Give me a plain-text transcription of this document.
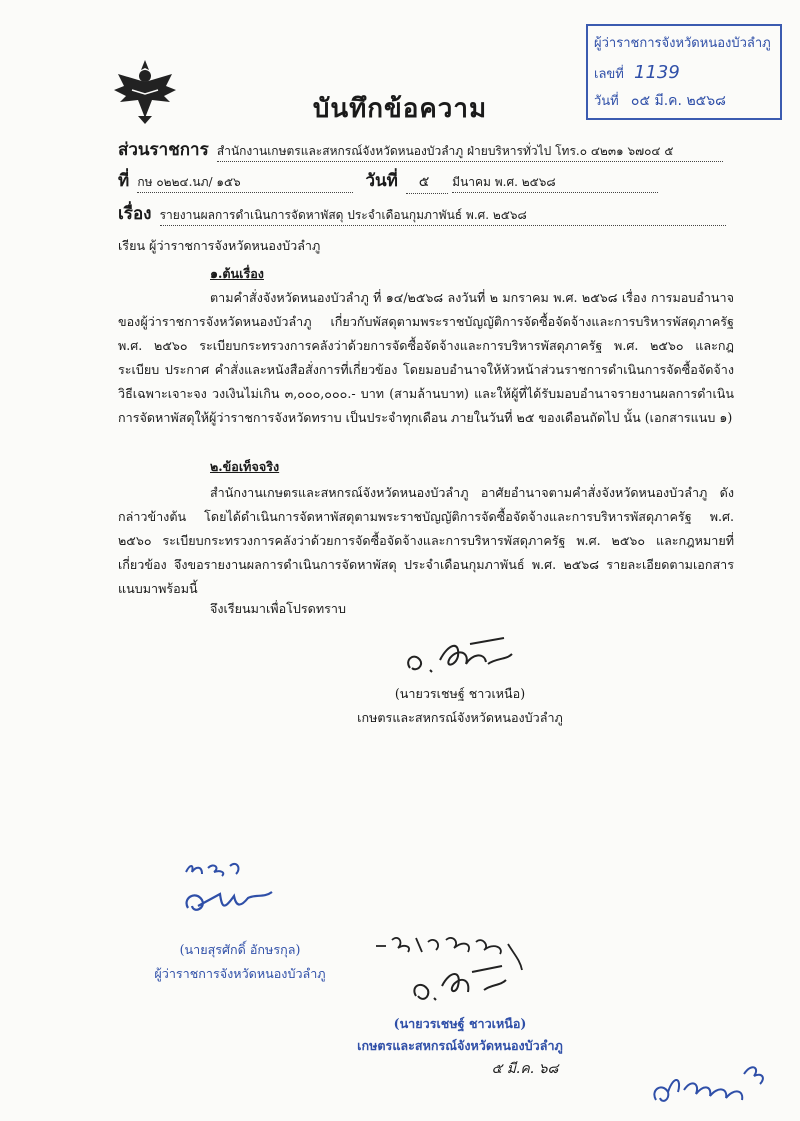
ผู้ว่าราชการจังหวัดหนองบัวลำภู
เลขที่ 1139
วันที่ ๐๕ มี.ค. ๒๕๖๘
บันทึกข้อความ
ส่วนราชการ สำนักงานเกษตรและสหกรณ์จังหวัดหนองบัวลำภู ฝ่ายบริหารทั่วไป โทร.๐ ๔๒๓๑ ๖๗๐๔ ๕
ที่ กษ ๐๒๒๔.นภ/ ๑๕๖	วันที่ ๕ มีนาคม พ.ศ. ๒๕๖๘
เรื่อง รายงานผลการดำเนินการจัดหาพัสดุ ประจำเดือนกุมภาพันธ์ พ.ศ. ๒๕๖๘
เรียน ผู้ว่าราชการจังหวัดหนองบัวลำภู
๑.ต้นเรื่อง
ตามคำสั่งจังหวัดหนองบัวลำภู ที่ ๑๔/๒๕๖๘ ลงวันที่ ๒ มกราคม พ.ศ. ๒๕๖๘ เรื่อง การมอบอำนาจของผู้ว่าราชการจังหวัดหนองบัวลำภู เกี่ยวกับพัสดุตามพระราชบัญญัติการจัดซื้อจัดจ้างและการบริหารพัสดุภาครัฐ พ.ศ. ๒๕๖๐ ระเบียบกระทรวงการคลังว่าด้วยการจัดซื้อจัดจ้างและการบริหารพัสดุภาครัฐ พ.ศ. ๒๕๖๐ และกฎ ระเบียบ ประกาศ คำสั่งและหนังสือสั่งการที่เกี่ยวข้อง โดยมอบอำนาจให้หัวหน้าส่วนราชการดำเนินการจัดซื้อจัดจ้างวิธีเฉพาะเจาะจง วงเงินไม่เกิน ๓,๐๐๐,๐๐๐.- บาท (สามล้านบาท) และให้ผู้ที่ได้รับมอบอำนาจรายงานผลการดำเนินการจัดหาพัสดุให้ผู้ว่าราชการจังหวัดทราบ เป็นประจำทุกเดือน ภายในวันที่ ๒๕ ของเดือนถัดไป นั้น (เอกสารแนบ ๑)
๒.ข้อเท็จจริง
สำนักงานเกษตรและสหกรณ์จังหวัดหนองบัวลำภู อาศัยอำนาจตามคำสั่งจังหวัดหนองบัวลำภู ดังกล่าวข้างต้น โดยได้ดำเนินการจัดหาพัสดุตามพระราชบัญญัติการจัดซื้อจัดจ้างและการบริหารพัสดุภาครัฐ พ.ศ. ๒๕๖๐ ระเบียบกระทรวงการคลังว่าด้วยการจัดซื้อจัดจ้างและการบริหารพัสดุภาครัฐ พ.ศ. ๒๕๖๐ และกฎหมายที่เกี่ยวข้อง จึงขอรายงานผลการดำเนินการจัดหาพัสดุ ประจำเดือนกุมภาพันธ์ พ.ศ. ๒๕๖๘ รายละเอียดตามเอกสารแนบมาพร้อมนี้
จึงเรียนมาเพื่อโปรดทราบ
(นายวรเชษฐ์ ชาวเหนือ)
เกษตรและสหกรณ์จังหวัดหนองบัวลำภู
(นายสุรศักดิ์ อักษรกุล)
ผู้ว่าราชการจังหวัดหนองบัวลำภู
(นายวรเชษฐ์ ชาวเหนือ)
เกษตรและสหกรณ์จังหวัดหนองบัวลำภู
๕ มี.ค. ๖๘
